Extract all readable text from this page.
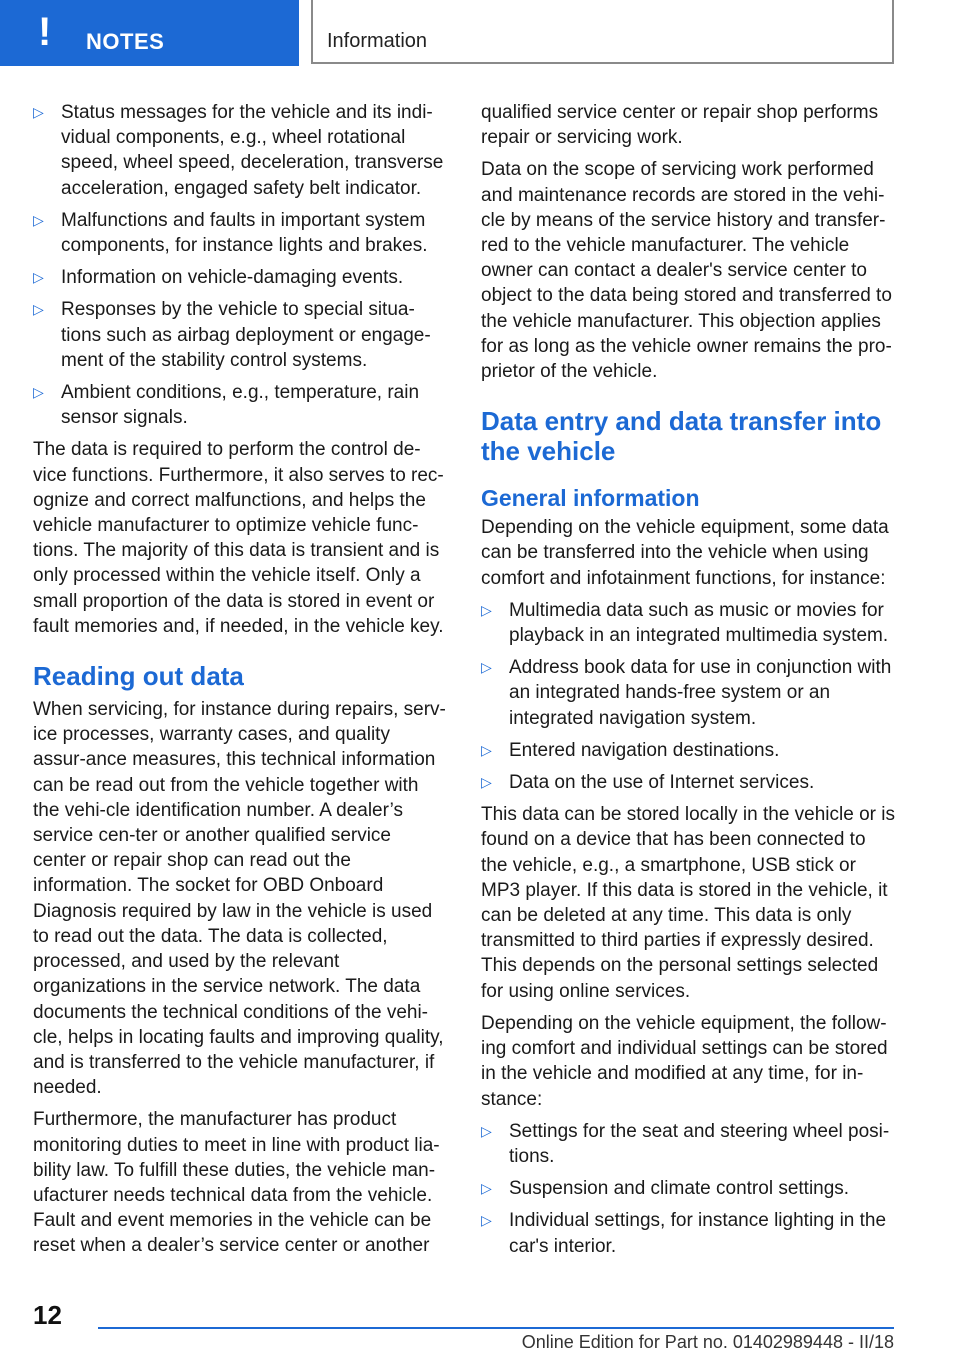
! NOTES	Information
▷ Status messages for the vehicle and its indi‐vidual components, e.g., wheel rotational speed, wheel speed, deceleration, transverse acceleration, engaged safety belt indicator.
▷ Malfunctions and faults in important system components, for instance lights and brakes.
▷ Information on vehicle-damaging events.
▷ Responses by the vehicle to special situa‐tions such as airbag deployment or engage‐ment of the stability control systems.
▷ Ambient conditions, e.g., temperature, rain sensor signals.

The data is required to perform the control de‐vice functions. Furthermore, it also serves to rec‐ognize and correct malfunctions, and helps the vehicle manufacturer to optimize vehicle func‐tions. The majority of this data is transient and is only processed within the vehicle itself. Only a small proportion of the data is stored in event or fault memories and, if needed, in the vehicle key.

Reading out data

When servicing, for instance during repairs, serv‐ice processes, warranty cases, and quality assur‐ance measures, this technical information can be read out from the vehicle together with the vehi‐cle identification number. A dealer’s service cen‐ter or another qualified service center or repair shop can read out the information. The socket for OBD Onboard Diagnosis required by law in the vehicle is used to read out the data. The data is collected, processed, and used by the relevant organizations in the service network. The data documents the technical conditions of the vehi‐cle, helps in locating faults and improving quality, and is transferred to the vehicle manufacturer, if needed.

Furthermore, the manufacturer has product monitoring duties to meet in line with product lia‐bility law. To fulfill these duties, the vehicle man‐ufacturer needs technical data from the vehicle. Fault and event memories in the vehicle can be reset when a dealer’s service center or another

qualified service center or repair shop performs repair or servicing work.

Data on the scope of servicing work performed and maintenance records are stored in the vehi‐cle by means of the service history and transfer‐red to the vehicle manufacturer. The vehicle owner can contact a dealer's service center to object to the data being stored and transferred to the vehicle manufacturer. This objection applies for as long as the vehicle owner remains the pro‐prietor of the vehicle.

Data entry and data transfer into the vehicle
General information

Depending on the vehicle equipment, some data can be transferred into the vehicle when using comfort and infotainment functions, for instance:

▷ Multimedia data such as music or movies for playback in an integrated multimedia system.
▷ Address book data for use in conjunction with an integrated hands-free system or an integrated navigation system.
▷ Entered navigation destinations.
▷ Data on the use of Internet services.

This data can be stored locally in the vehicle or is found on a device that has been connected to the vehicle, e.g., a smartphone, USB stick or MP3 player. If this data is stored in the vehicle, it can be deleted at any time. This data is only transmitted to third parties if expressly desired. This depends on the personal settings selected for using online services.

Depending on the vehicle equipment, the follow‐ing comfort and individual settings can be stored in the vehicle and modified at any time, for in‐stance:

▷ Settings for the seat and steering wheel posi‐tions.
▷ Suspension and climate control settings.
▷ Individual settings, for instance lighting in the car's interior.
12
Online Edition for Part no. 01402989448 - II/18
